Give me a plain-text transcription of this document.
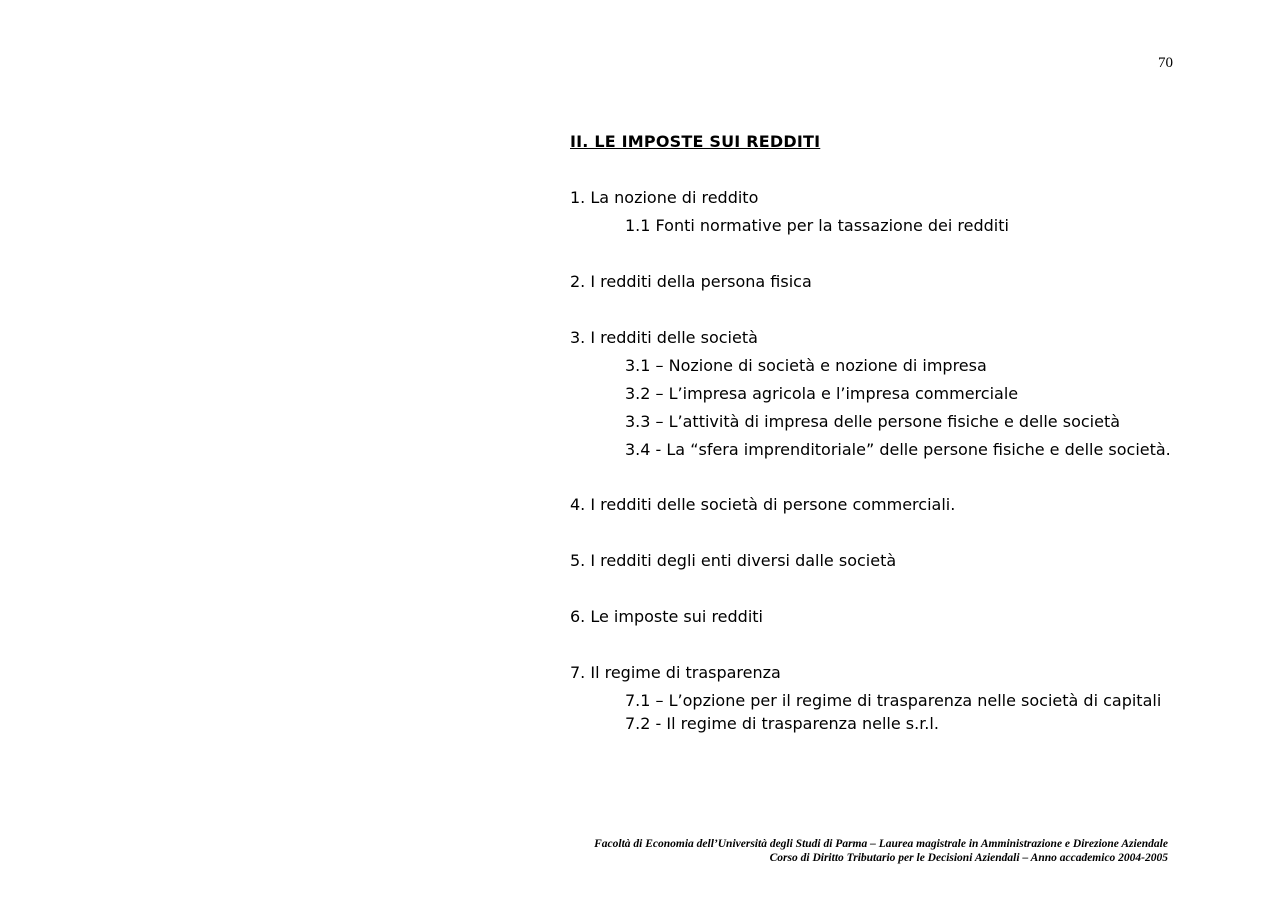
70
II. LE IMPOSTE SUI REDDITI
1. La nozione di reddito
1.1 Fonti normative per la tassazione dei redditi
2. I redditi della persona fisica
3. I redditi delle società
3.1 – Nozione di società e nozione di impresa
3.2 – L’impresa agricola e l’impresa commerciale
3.3 – L’attività di impresa delle persone fisiche e delle società
3.4 - La “sfera imprenditoriale” delle persone fisiche e delle società.
4. I redditi delle società di persone commerciali.
5. I redditi degli enti diversi dalle società
6. Le imposte sui redditi
7. Il regime di trasparenza
7.1 – L’opzione per il regime di trasparenza nelle società di capitali
7.2 - Il regime di trasparenza nelle s.r.l.
Facoltà di Economia dell’Università degli Studi di Parma – Laurea magistrale in Amministrazione e Direzione Aziendale
Corso di Diritto Tributario per le Decisioni Aziendali – Anno accademico 2004-2005
